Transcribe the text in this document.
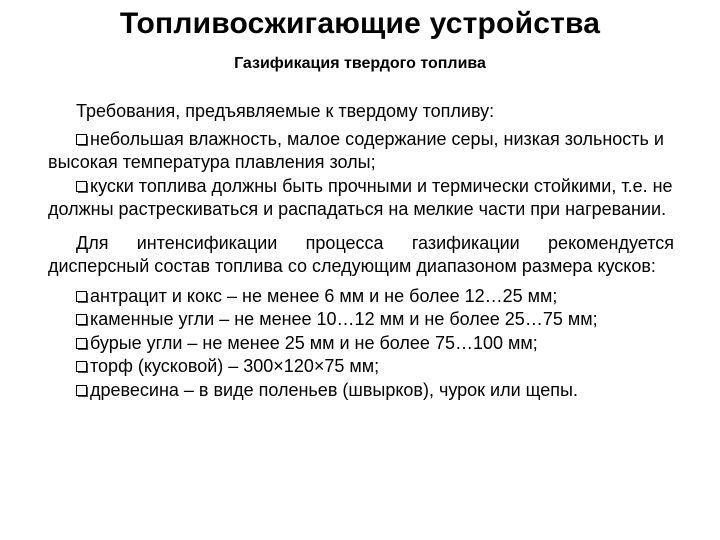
Топливосжигающие устройства
Газификация твердого топлива

Требования, предъявляемые к твердому топливу:

небольшая влажность, малое содержание серы, низкая зольность и высокая температура плавления золы;

куски топлива должны быть прочными и термически стойкими, т.е. не должны растрескиваться и распадаться на мелкие части при нагревании.

Для интенсификации процесса газификации рекомендуется дисперсный состав топлива со следующим диапазоном размера кусков:

антрацит и кокс – не менее 6 мм и не более 12…25 мм;

каменные угли – не менее 10…12 мм и не более 25…75 мм;

бурые угли – не менее 25 мм и не более 75…100 мм;

торф (кусковой) – 300×120×75 мм;

древесина – в виде поленьев (швырков), чурок или щепы.
